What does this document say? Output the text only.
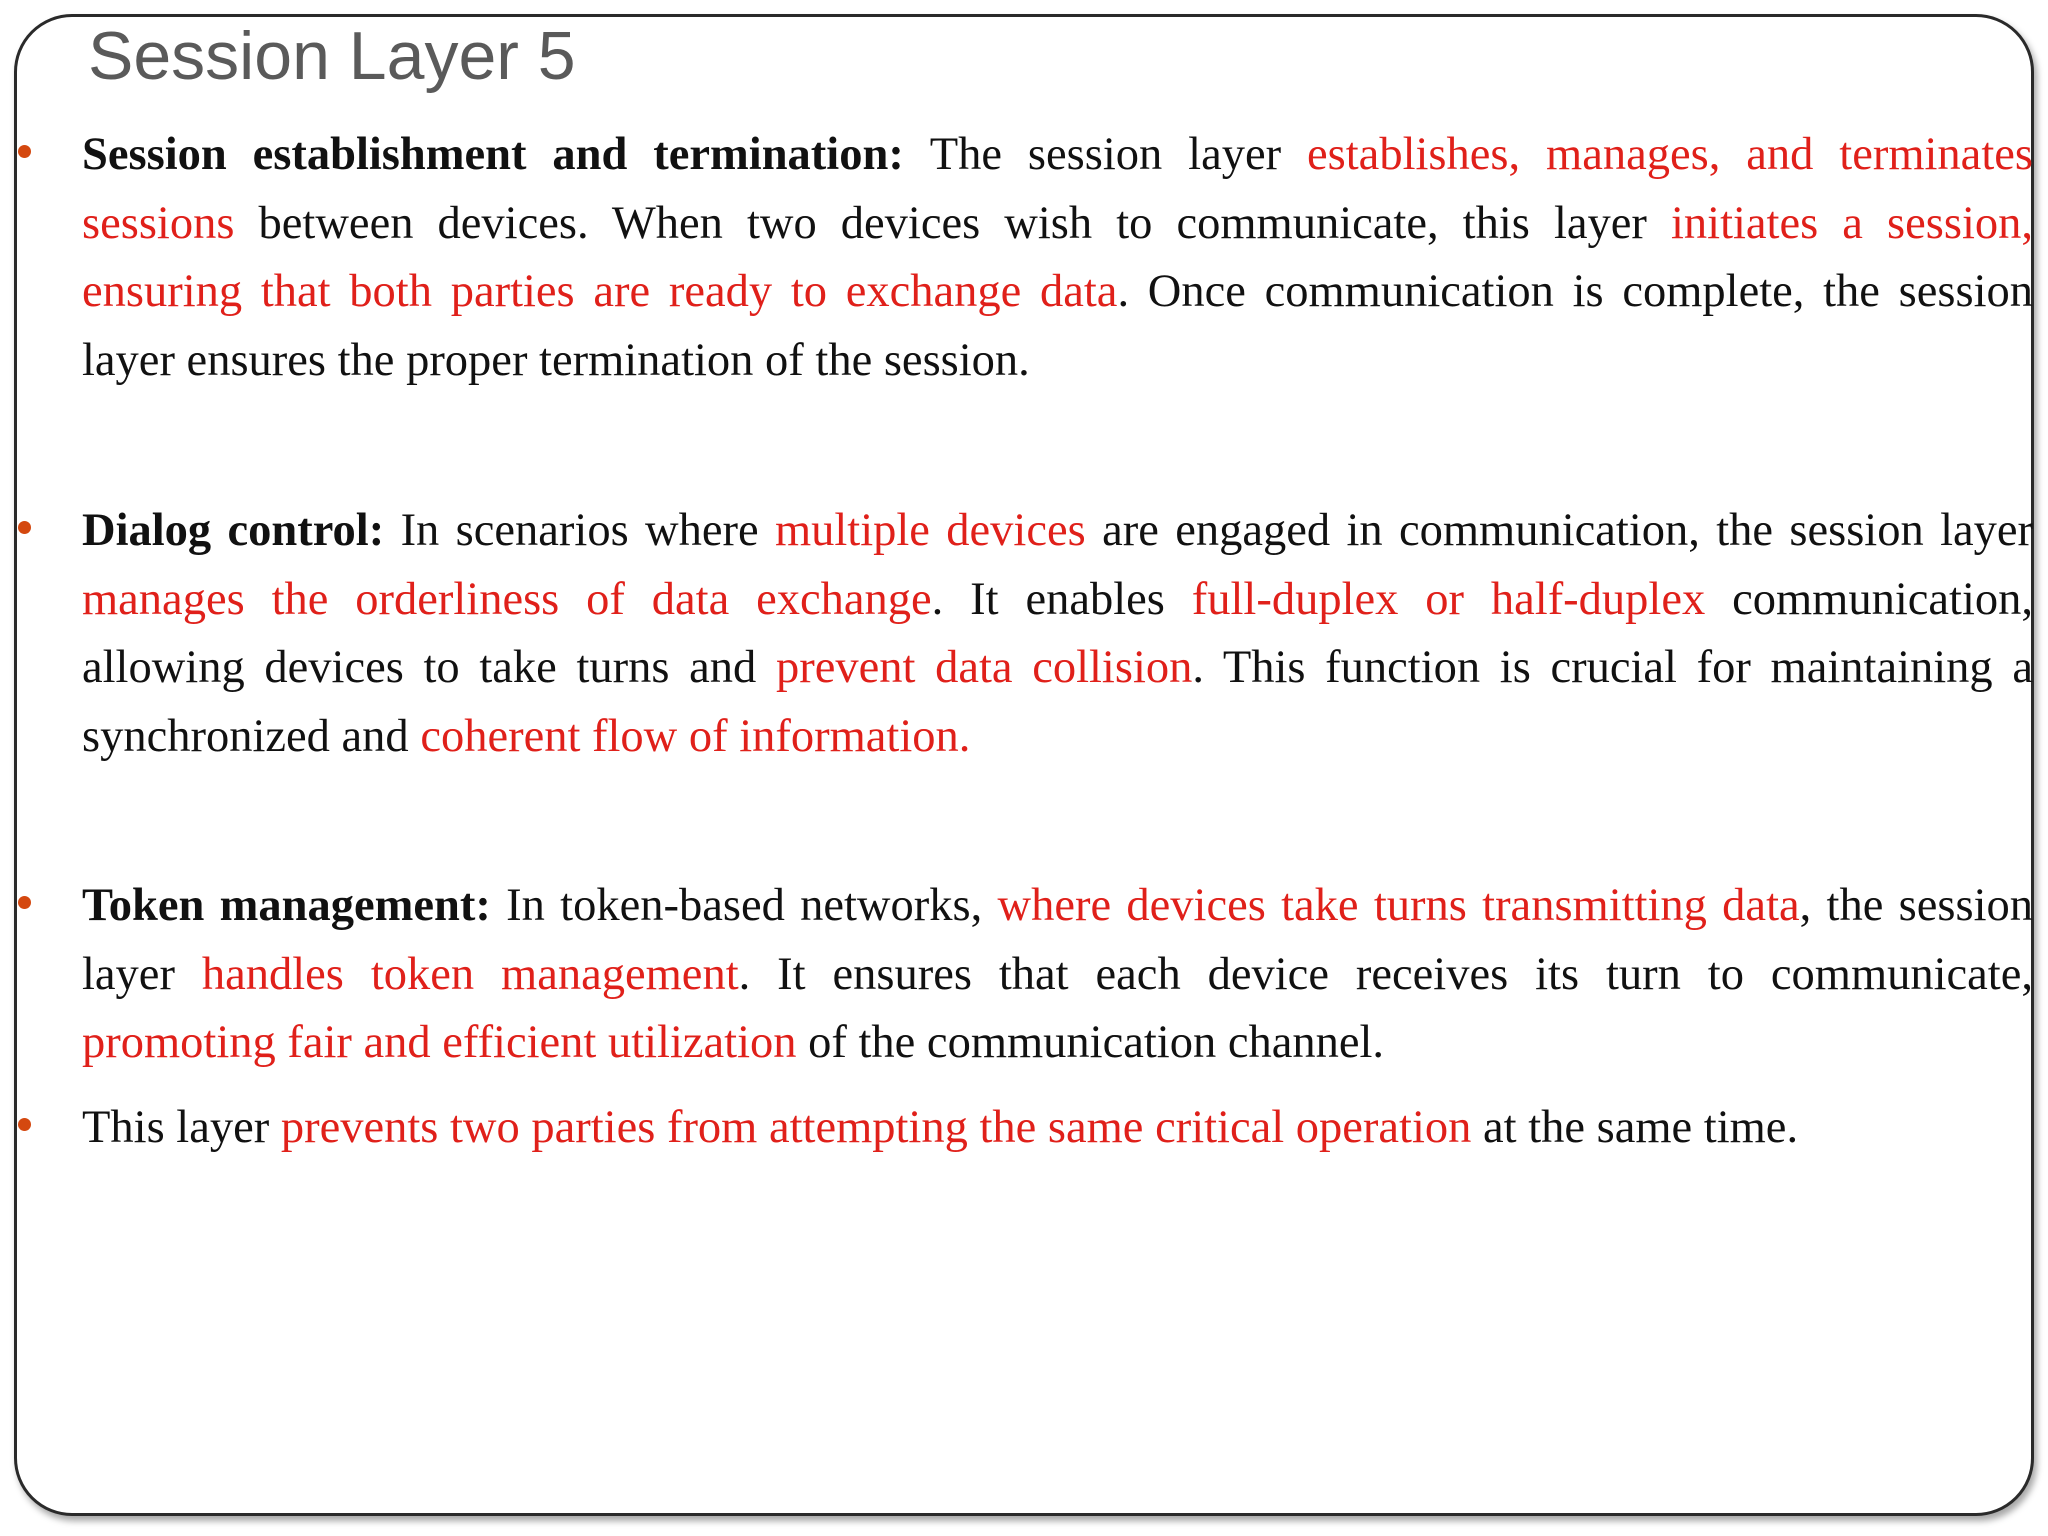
Session Layer 5
Session establishment and termination: The session layer establishes, manages, and terminates sessions between devices. When two devices wish to communicate, this layer initiates a session, ensuring that both parties are ready to exchange data. Once communication is complete, the session layer ensures the proper termination of the session.
Dialog control: In scenarios where multiple devices are engaged in communication, the session layer manages the orderliness of data exchange. It enables full-duplex or half-duplex communication, allowing devices to take turns and prevent data collision. This function is crucial for maintaining a synchronized and coherent flow of information.
Token management: In token-based networks, where devices take turns transmitting data, the session layer handles token management. It ensures that each device receives its turn to communicate, promoting fair and efficient utilization of the communication channel.
This layer prevents two parties from attempting the same critical operation at the same time.
